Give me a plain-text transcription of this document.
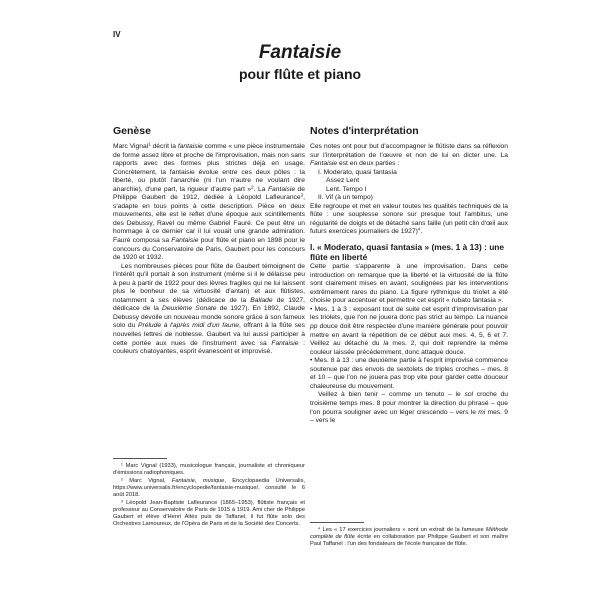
IV
Fantaisie
pour flûte et piano
Genèse

Marc Vignal$^1$ décrit la fantaisie comme « une pièce instrumentale de forme assez libre et proche de l'improvisation, mais non sans rapports avec des formes plus strictes déjà en usage. Concrètement, la fantaisie évolue entre ces deux pôles : la liberté, ou plutôt l'anarchie (ni l'un n'autre ne voulant dire anarchie), d'une part, la rigueur d'autre part »$^2$. La Fantaisie de Philippe Gaubert de 1912, dédiée à Léopold Lafleurance$^3$, s'adapte en tous points à cette description. Pièce en deux mouvements, elle est le reflet d'une époque aux scintillements des Debussy, Ravel ou même Gabriel Fauré. Ce peut être un hommage à ce dernier car il lui vouait une grande admiration. Fauré composa sa Fantaisie pour flûte et piano en 1898 pour le concours du Conservatoire de Paris, Gaubert pour les concours de 1920 et 1932.

Les nombreuses pièces pour flûte de Gaubert témoignent de l'intérêt qu'il portait à son instrument (même si il le délaisse peu à peu à partir de 1922 pour des lèvres fragiles qui ne lui laissent plus le bonheur de sa virtuosité d'antan) et aux flûtistes, notamment à ses élèves (dédicace de la Ballade de 1927, dédicace de la Deuxième Sonate de 1927). En 1892, Claude Debussy dévoile un nouveau monde sonore grâce à son fameux solo du Prélude à l'après midi d'un faune, offrant à la flûte ses nouvelles lettres de noblesse. Gaubert va lui aussi participer à cette portée aux nues de l'instrument avec sa Fantaisie : couleurs chatoyantes, esprit évanescent et improvisé.

¹ Marc Vignal (1933), musicologue français, journaliste et chroniqueur d'émissions radiophoniques.

² Marc Vignal, Fantaisie, musique, Encyclopaedia Universalis, https://www.universalis.fr/encyclopedie/fantaisie-musique/, consulté le 6 août 2018.

³ Léopold Jean-Baptiste Lafleurance (1865–1953), flûtiste français et professeur au Conservatoire de Paris de 1915 à 1919. Ami cher de Philippe Gaubert et élève d'Henri Altès puis de Taffanel, il fut flûte solo des Orchestres Lamoureux, de l'Opéra de Paris et de la Société des Concerts.

Notes d'interprétation

Ces notes ont pour but d'accompagner le flûtiste dans sa réflexion sur l'interprétation de l'œuvre et non de lui en dicter une. La Fantaisie est en deux parties :

I. Moderato, quasi fantasia
Assez Lent
Lent. Tempo I
II. Vif (à un tempo)

Elle regroupe et met en valeur toutes les qualités techniques de la flûte : une souplesse sonore sur presque tout l'ambitus, une régularité de doigts et de détaché sans faille (un petit clin d'œil aux futurs exercices journaliers de 1927)$^4$.

I. « Moderato, quasi fantasia » (mes. 1 à 13) : une flûte en liberté

Cette partie s'apparente à une improvisation. Dans cette introduction on remarque que la liberté et la virtuosité de la flûte sont clairement mises en avant, soulignées par les interventions extrêmement rares du piano. La figure rythmique du triolet a été choisie pour accentuer et permettre cet esprit « rubato fantasia ».

• Mes. 1 à 3 : exposant tout de suite cet esprit d'improvisation par les triolets, que l'on ne jouera donc pas strict au tempo. La nuance pp douce doit être respectée d'une manière générale pour pouvoir mettre en avant la répétition de ce début aux mes. 4, 5, 6 et 7. Veillez au détaché du la mes. 2, qui doit reprendre la même couleur laissée précédemment, donc attaque douce.

• Mes. 8 à 13 : une deuxième partie à l'esprit improvisé commence soutenue par des envols de sextolets de triples croches – mes. 8 et 10 – que l'on ne jouera pas trop vite pour garder cette douceur chaleureuse du mouvement.

Veillez à bien tenir – comme un tenuto – le sol croche du troisième temps mes. 8 pour montrer la direction du phrasé – que l'on pourra souligner avec un léger crescendo – vers le mi mes. 9 – vers le

⁴ Les « 17 exercices journaliers » sont un extrait de la fameuse Méthode complète de flûte écrite en collaboration par Philippe Gaubert et son maître Paul Taffanel : l'un des fondateurs de l'école française de flûte.
